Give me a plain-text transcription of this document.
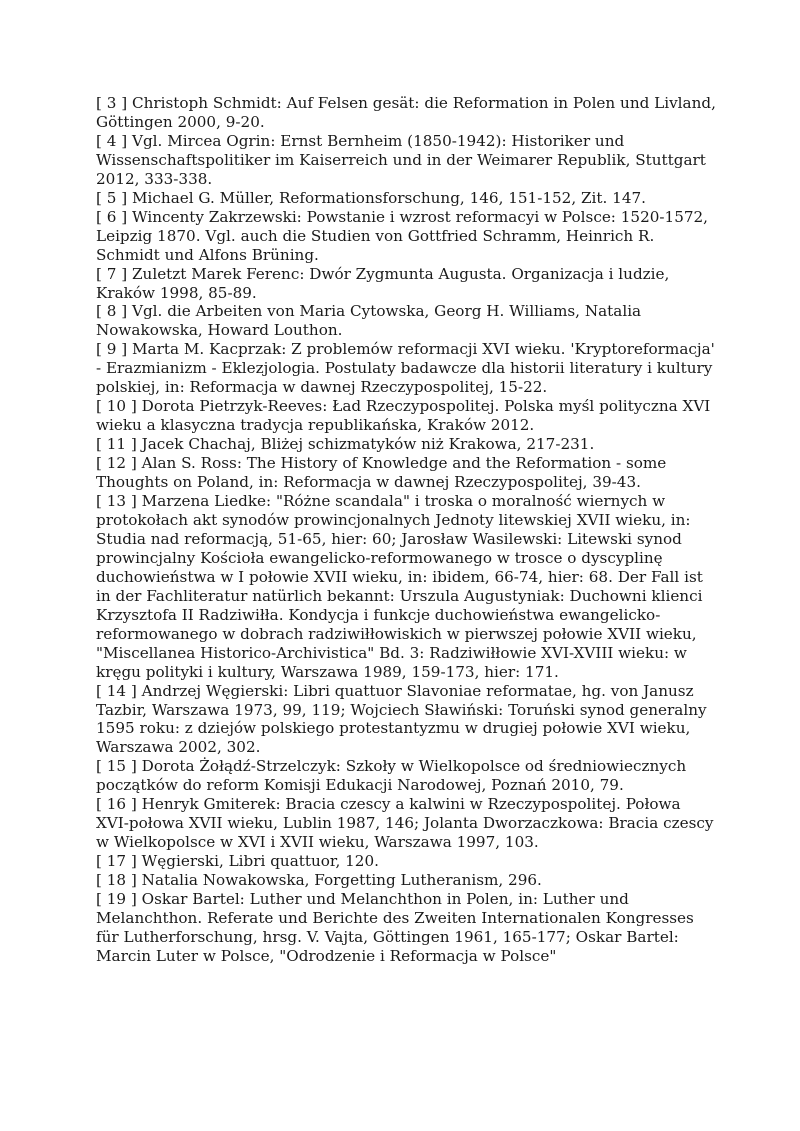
[ 3 ] Christoph Schmidt: Auf Felsen gesät: die Reformation in Polen und Livland, Göttingen 2000, 9-20.

[ 4 ] Vgl. Mircea Ogrin: Ernst Bernheim (1850-1942): Historiker und Wissenschaftspolitiker im Kaiserreich und in der Weimarer Republik, Stuttgart 2012, 333-338.

[ 5 ] Michael G. Müller, Reformationsforschung, 146, 151-152, Zit. 147.

[ 6 ] Wincenty Zakrzewski: Powstanie i wzrost reformacyi w Polsce: 1520-1572, Leipzig 1870. Vgl. auch die Studien von Gottfried Schramm, Heinrich R. Schmidt und Alfons Brüning.

[ 7 ] Zuletzt Marek Ferenc: Dwór Zygmunta Augusta. Organizacja i ludzie, Kraków 1998, 85-89.

[ 8 ] Vgl. die Arbeiten von Maria Cytowska, Georg H. Williams, Natalia Nowakowska, Howard Louthon.

[ 9 ] Marta M. Kacprzak: Z problemów reformacji XVI wieku. 'Kryptoreformacja' - Erazmianizm - Eklezjologia. Postulaty badawcze dla historii literatury i kultury polskiej, in: Reformacja w dawnej Rzeczypospolitej, 15-22.

[ 10 ] Dorota Pietrzyk-Reeves: Ład Rzeczypospolitej. Polska myśl polityczna XVI wieku a klasyczna tradycja republikańska, Kraków 2012.

[ 11 ] Jacek Chachaj, Bliżej schizmatyków niż Krakowa, 217-231.

[ 12 ] Alan S. Ross: The History of Knowledge and the Reformation - some Thoughts on Poland, in: Reformacja w dawnej Rzeczypospolitej, 39-43.

[ 13 ] Marzena Liedke: "Różne scandala" i troska o moralność wiernych w protokołach akt synodów prowincjonalnych Jednoty litewskiej XVII wieku, in: Studia nad reformacją, 51-65, hier: 60; Jarosław Wasilewski: Litewski synod prowincjalny Kościoła ewangelicko-reformowanego w trosce o dyscyplinę duchowieństwa w I połowie XVII wieku, in: ibidem, 66-74, hier: 68. Der Fall ist in der Fachliteratur natürlich bekannt: Urszula Augustyniak: Duchowni klienci Krzysztofa II Radziwiłła. Kondycja i funkcje duchowieństwa ewangelicko-reformowanego w dobrach radziwiłłowiskich w pierwszej połowie XVII wieku, "Miscellanea Historico-Archivistica" Bd. 3: Radziwiłłowie XVI-XVIII wieku: w kręgu polityki i kultury, Warszawa 1989, 159-173, hier: 171.

[ 14 ] Andrzej Węgierski: Libri quattuor Slavoniae reformatae, hg. von Janusz Tazbir, Warszawa 1973, 99, 119; Wojciech Sławiński: Toruński synod generalny 1595 roku: z dziejów polskiego protestantyzmu w drugiej połowie XVI wieku, Warszawa 2002, 302.

[ 15 ] Dorota Żołądź-Strzelczyk: Szkoły w Wielkopolsce od średniowiecznych początków do reform Komisji Edukacji Narodowej, Poznań 2010, 79.

[ 16 ] Henryk Gmiterek: Bracia czescy a kalwini w Rzeczypospolitej. Połowa XVI-połowa XVII wieku, Lublin 1987, 146; Jolanta Dworzaczkowa: Bracia czescy w Wielkopolsce w XVI i XVII wieku, Warszawa 1997, 103.

[ 17 ] Węgierski, Libri quattuor, 120.

[ 18 ] Natalia Nowakowska, Forgetting Lutheranism, 296.

[ 19 ] Oskar Bartel: Luther und Melanchthon in Polen, in: Luther und Melanchthon. Referate und Berichte des Zweiten Internationalen Kongresses für Lutherforschung, hrsg. V. Vajta, Göttingen 1961, 165-177; Oskar Bartel: Marcin Luter w Polsce, "Odrodzenie i Reformacja w Polsce"
